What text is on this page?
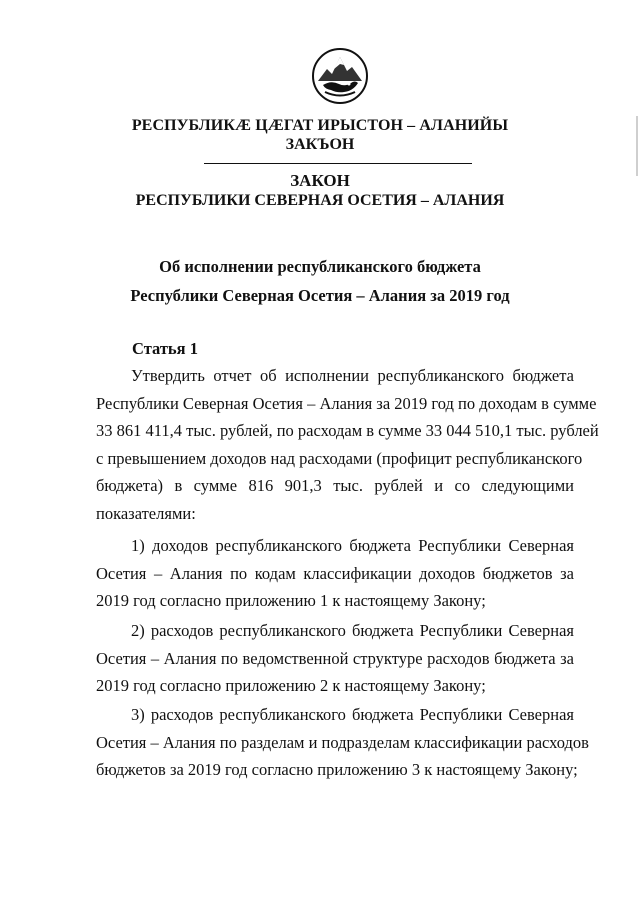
РЕСПУБЛИКӔ ЦӔГАТ ИРЫСТОН – АЛАНИЙЫ
ЗАКЪОН
ЗАКОН
РЕСПУБЛИКИ СЕВЕРНАЯ ОСЕТИЯ – АЛАНИЯ
Об исполнении республиканского бюджета
Республики Северная Осетия – Алания за 2019 год
Статья 1
Утвердить отчет об исполнении республиканского бюджета
Республики Северная Осетия – Алания за 2019 год по доходам в сумме
33 861 411,4 тыс. рублей, по расходам в сумме 33 044 510,1 тыс. рублей
с превышением доходов над расходами (профицит республиканского
бюджета) в сумме 816 901,3 тыс. рублей и со следующими
показателями:
1) доходов республиканского бюджета Республики Северная
Осетия – Алания по кодам классификации доходов бюджетов за
2019 год согласно приложению 1 к настоящему Закону;
2) расходов республиканского бюджета Республики Северная
Осетия – Алания по ведомственной структуре расходов бюджета за
2019 год согласно приложению 2 к настоящему Закону;
3) расходов республиканского бюджета Республики Северная
Осетия – Алания по разделам и подразделам классификации расходов
бюджетов за 2019 год согласно приложению 3 к настоящему Закону;
